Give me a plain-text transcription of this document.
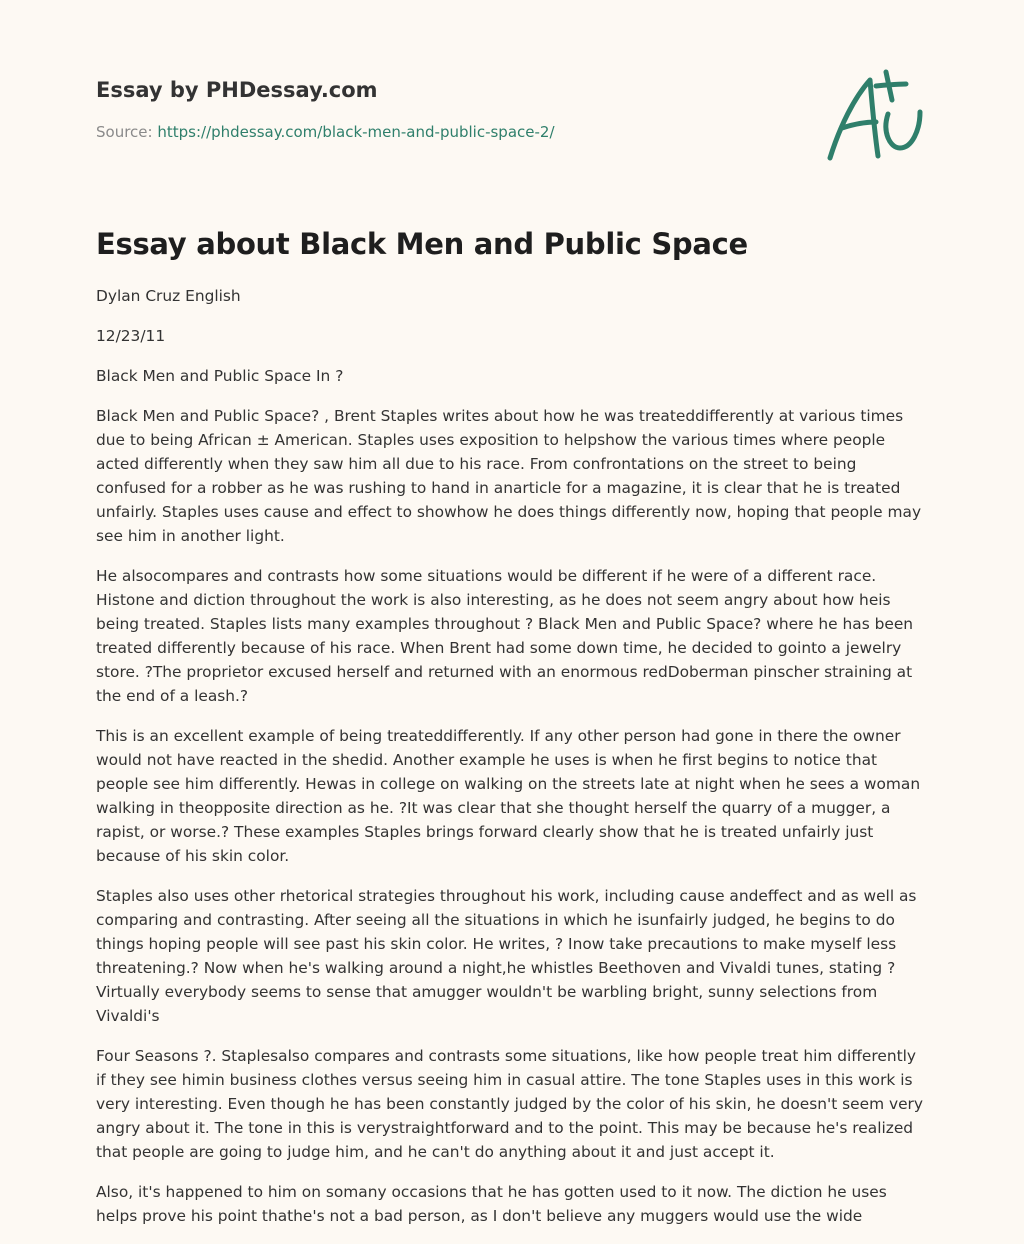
Essay by PHDessay.com
Source: https://phdessay.com/black-men-and-public-space-2/
Essay about Black Men and Public Space

Dylan Cruz English

12/23/11

Black Men and Public Space In ?

Black Men and Public Space? , Brent Staples writes about how he was treateddifferently at various times due to being African ± American. Staples uses exposition to helpshow the various times where people acted differently when they saw him all due to his race. From confrontations on the street to being confused for a robber as he was rushing to hand in anarticle for a magazine, it is clear that he is treated unfairly. Staples uses cause and effect to showhow he does things differently now, hoping that people may see him in another light.

He alsocompares and contrasts how some situations would be different if he were of a different race. Histone and diction throughout the work is also interesting, as he does not seem angry about how heis being treated. Staples lists many examples throughout ? Black Men and Public Space? where he has been treated differently because of his race. When Brent had some down time, he decided to gointo a jewelry store. ?The proprietor excused herself and returned with an enormous redDoberman pinscher straining at the end of a leash.?

This is an excellent example of being treateddifferently. If any other person had gone in there the owner would not have reacted in the shedid. Another example he uses is when he first begins to notice that people see him differently. Hewas in college on walking on the streets late at night when he sees a woman walking in theopposite direction as he. ?It was clear that she thought herself the quarry of a mugger, a rapist, or worse.? These examples Staples brings forward clearly show that he is treated unfairly just because of his skin color.

Staples also uses other rhetorical strategies throughout his work, including cause andeffect and as well as comparing and contrasting. After seeing all the situations in which he isunfairly judged, he begins to do things hoping people will see past his skin color. He writes, ? Inow take precautions to make myself less threatening.? Now when he's walking around a night,he whistles Beethoven and Vivaldi tunes, stating ? Virtually everybody seems to sense that amugger wouldn't be warbling bright, sunny selections from Vivaldi's

Four Seasons ?. Staplesalso compares and contrasts some situations, like how people treat him differently if they see himin business clothes versus seeing him in casual attire. The tone Staples uses in this work is very interesting. Even though he has been constantly judged by the color of his skin, he doesn't seem very angry about it. The tone in this is verystraightforward and to the point. This may be because he's realized that people are going to judge him, and he can't do anything about it and just accept it.

Also, it's happened to him on somany occasions that he has gotten used to it now. The diction he uses helps prove his point thathe's not a bad person, as I don't believe any muggers would use the wide
